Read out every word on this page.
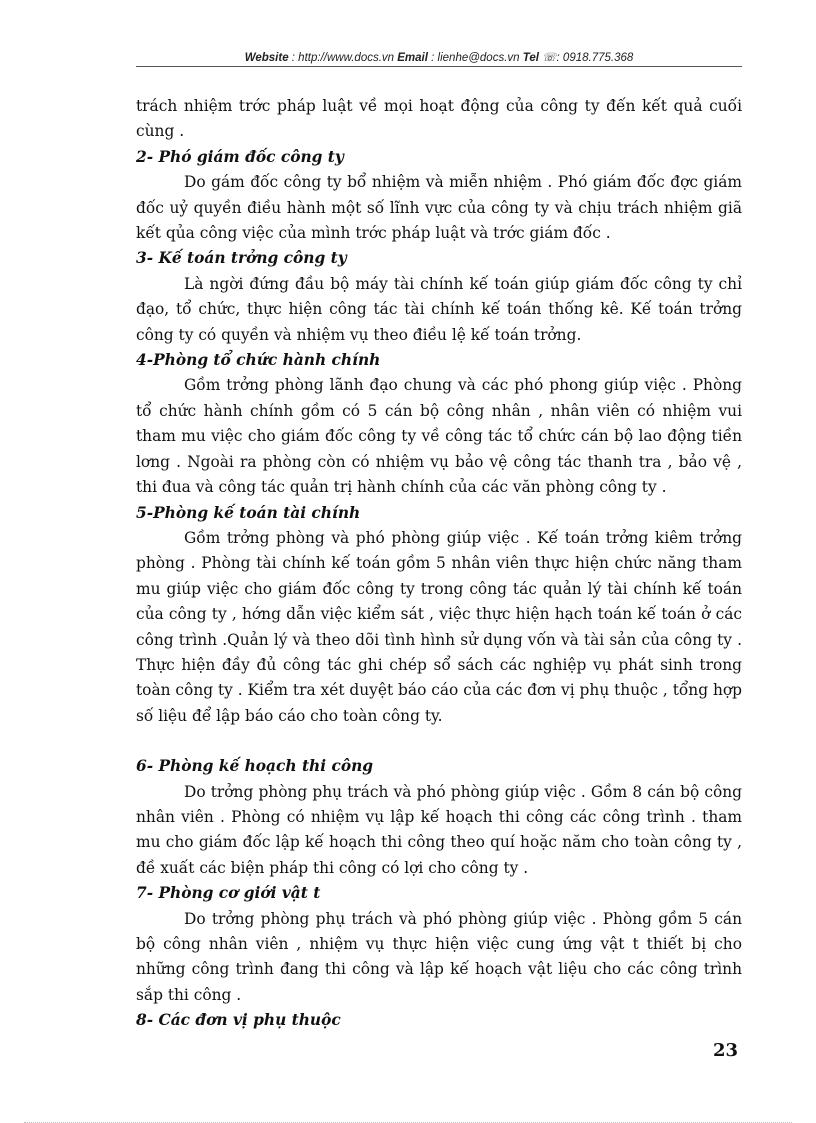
Website : http://www.docs.vn Email : lienhe@docs.vn Tel ☏: 0918.775.368

trách nhiệm trớc pháp luật về mọi hoạt động của công ty đến kết quả cuối cùng .

2- Phó giám đốc công ty

Do gám đốc công ty bổ nhiệm và miễn nhiệm . Phó giám đốc đợc giám đốc uỷ quyền điều hành một số lĩnh vực của công ty và chịu trách nhiệm giã kết qủa công việc của mình trớc pháp luật và trớc giám đốc .

3- Kế toán trởng công ty

Là ngời đứng đầu bộ máy tài chính kế toán giúp giám đốc công ty chỉ đạo, tổ chức, thực hiện công tác tài chính kế toán thống kê. Kế toán trởng công ty có quyền và nhiệm vụ theo điều lệ kế toán trởng.

4-Phòng tổ chức hành chính

Gồm trởng phòng lãnh đạo chung và các phó phong giúp việc . Phòng tổ chức hành chính gồm có 5 cán bộ công nhân , nhân viên có nhiệm vui tham mu việc cho giám đốc công ty về công tác tổ chức cán bộ lao động tiền lơng . Ngoài ra phòng còn có nhiệm vụ bảo vệ công tác thanh tra , bảo vệ , thi đua và công tác quản trị hành chính của các văn phòng công ty .

5-Phòng kế toán tài chính

Gồm trởng phòng và phó phòng giúp việc . Kế toán trởng kiêm trởng phòng . Phòng tài chính kế toán gồm 5 nhân viên thực hiện chức năng tham mu giúp việc cho giám đốc công ty trong công tác quản lý tài chính kế toán của công ty , hớng dẫn việc kiểm sát , việc thực hiện hạch toán kế toán ở các công trình .Quản lý và theo dõi tình hình sử dụng vốn và tài sản của công ty . Thực hiện đầy đủ công tác ghi chép sổ sách các nghiệp vụ phát sinh trong toàn công ty . Kiểm tra xét duyệt báo cáo của các đơn vị phụ thuộc , tổng hợp số liệu để lập báo cáo cho toàn công ty.

6- Phòng kế hoạch thi công

Do trởng phòng phụ trách và phó phòng giúp việc . Gồm 8 cán bộ công nhân viên . Phòng có nhiệm vụ lập kế hoạch thi công các công trình . tham mu cho giám đốc lập kế hoạch thi công theo quí hoặc năm cho toàn công ty , đề xuất các biện pháp thi công có lợi cho công ty .

7- Phòng cơ giới vật t

Do trởng phòng phụ trách và phó phòng giúp việc . Phòng gồm 5 cán bộ công nhân viên , nhiệm vụ thực hiện việc cung ứng vật t thiết bị cho những công trình đang thi công và lập kế hoạch vật liệu cho các công trình sắp thi công .

8- Các đơn vị phụ thuộc

23
